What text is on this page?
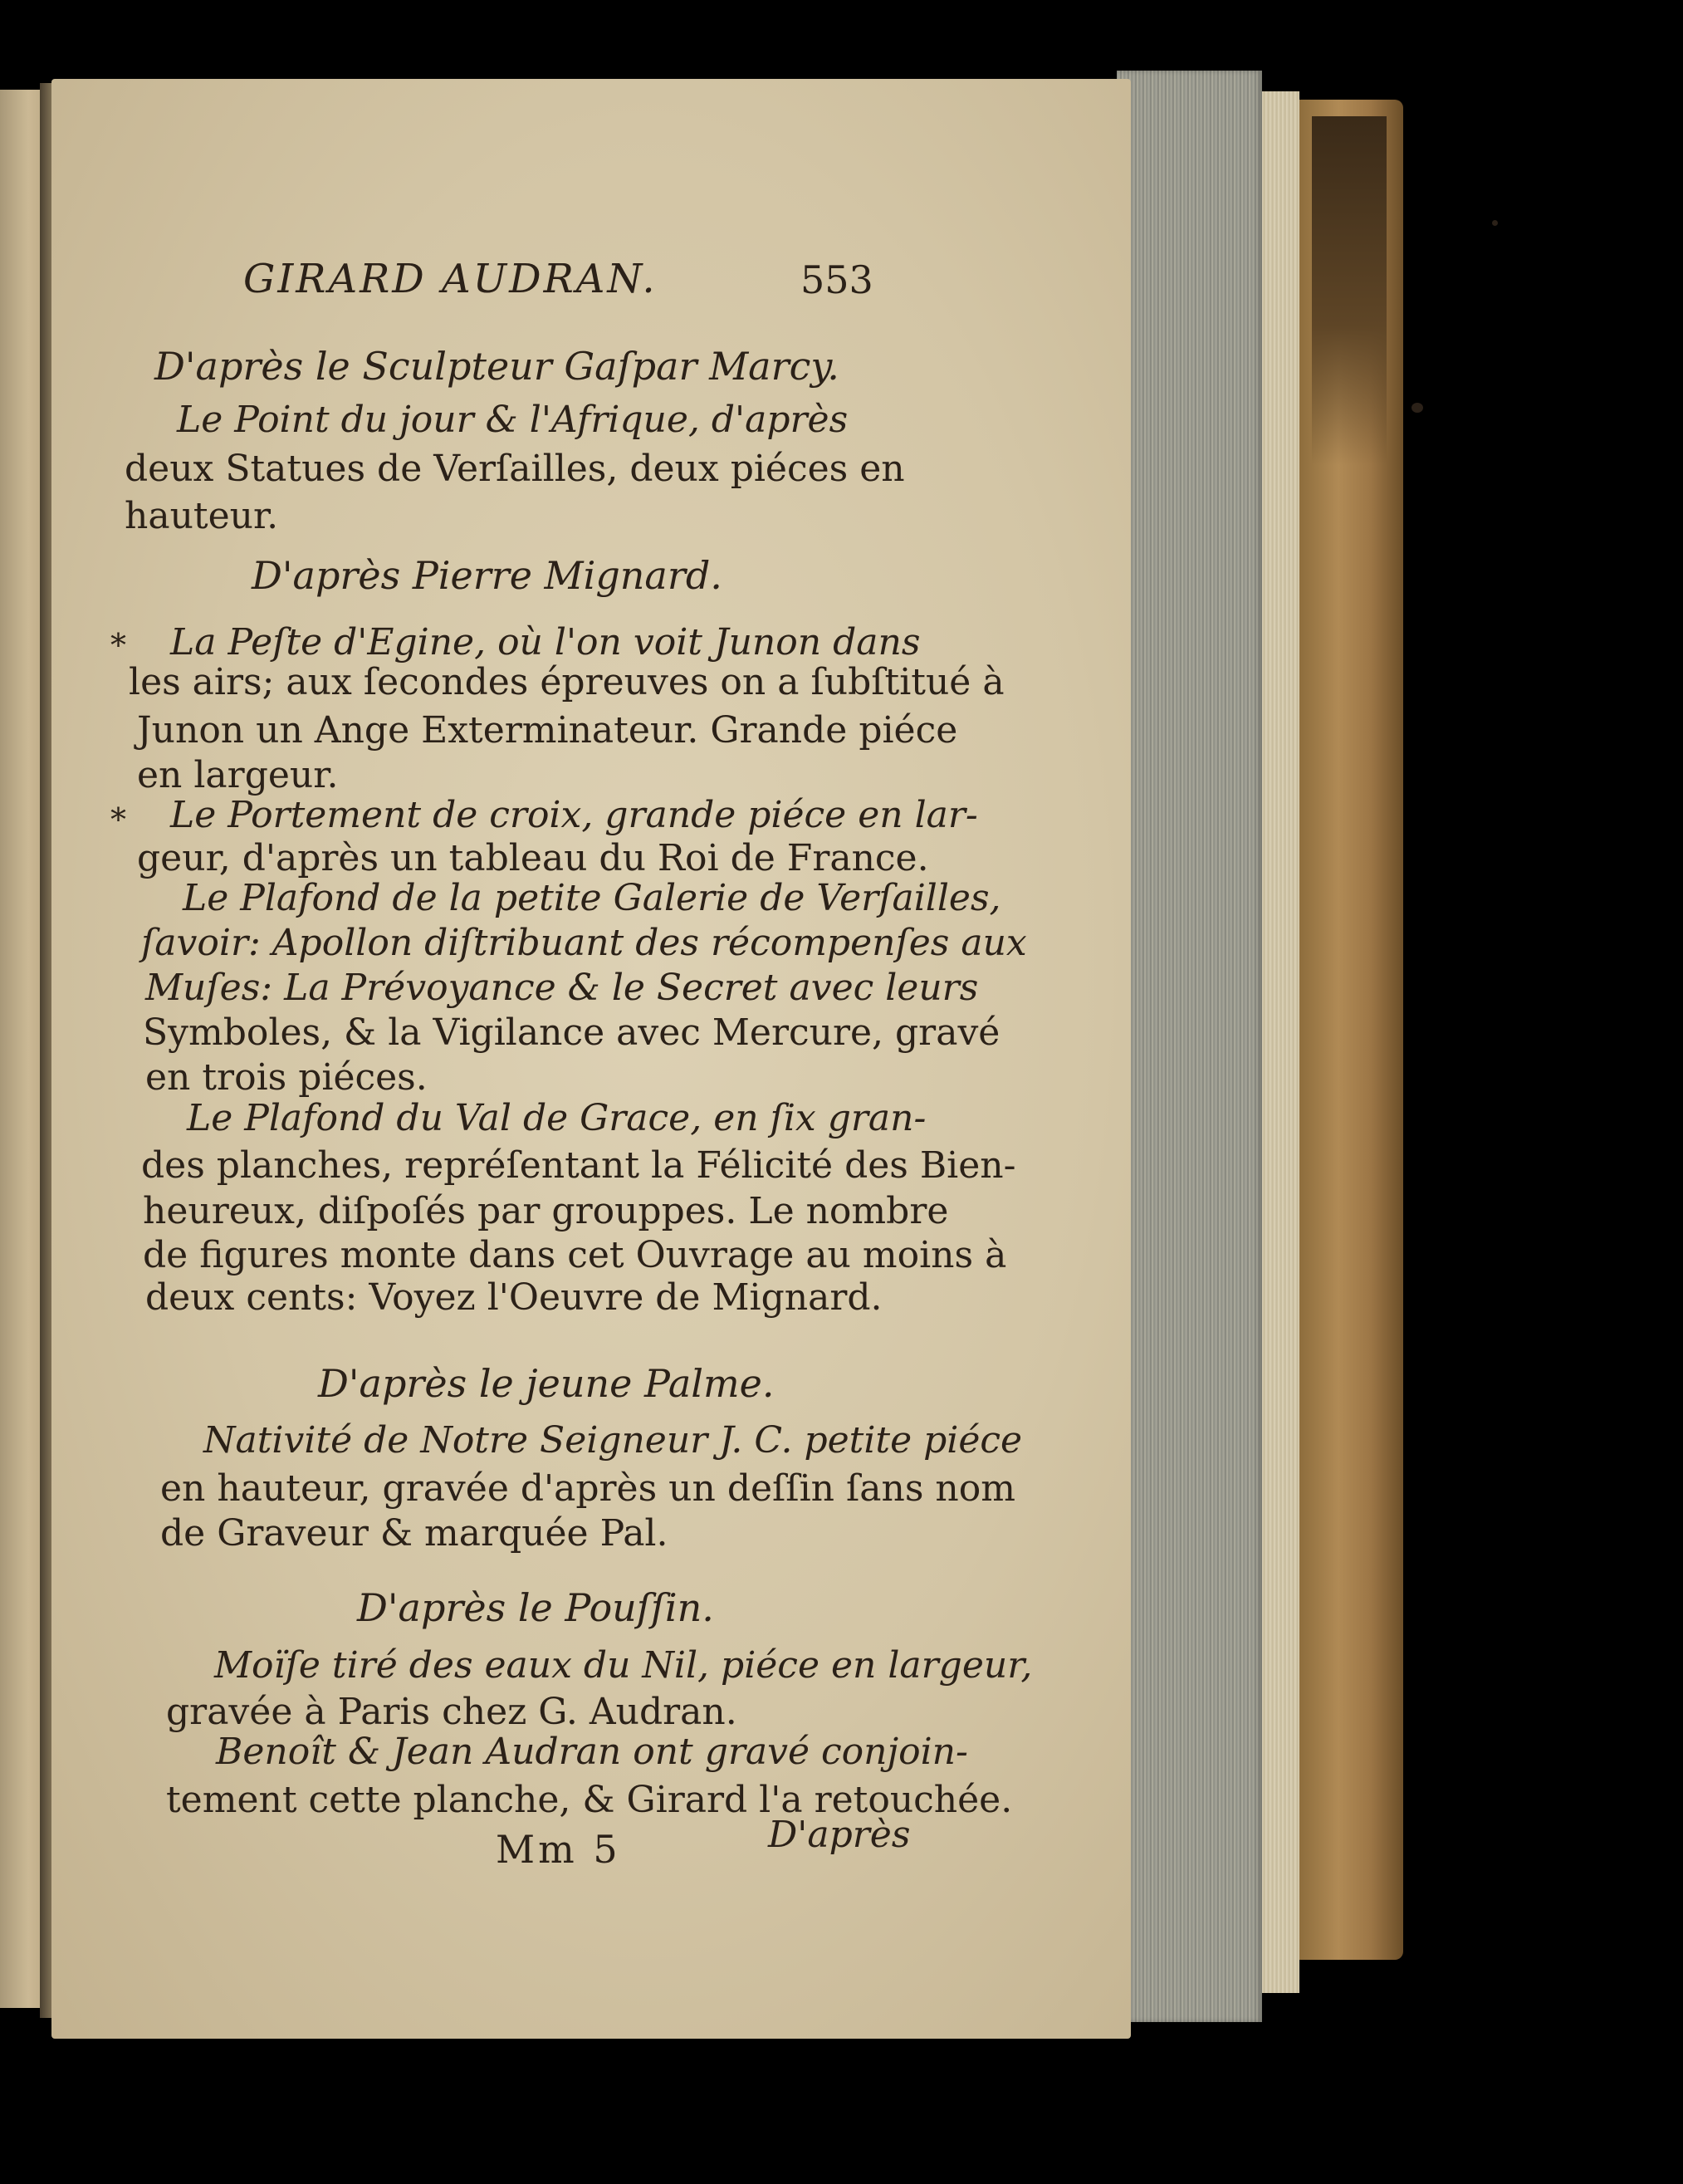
GIRARD AUDRAN.	553
D'après le Sculpteur Gaſpar Marcy.
Le Point du jour & l'Afrique, d'après
deux Statues de Verſailles, deux piéces en
hauteur.
D'après Pierre Mignard.
* La Peſte d'Egine, où l'on voit Junon dans
les airs; aux ſecondes épreuves on a ſubſtitué à
Junon un Ange Exterminateur. Grande piéce
en largeur.
* Le Portement de croix, grande piéce en lar-
geur, d'après un tableau du Roi de France.
Le Plafond de la petite Galerie de Verſailles,
ſavoir: Apollon diſtribuant des récompenſes aux
Muſes: La Prévoyance & le Secret avec leurs
Symboles, & la Vigilance avec Mercure, gravé
en trois piéces.
Le Plafond du Val de Grace, en ſix gran-
des planches, repréſentant la Félicité des Bien-
heureux, diſpoſés par grouppes. Le nombre
de figures monte dans cet Ouvrage au moins à
deux cents: Voyez l'Oeuvre de Mignard.
D'après le jeune Palme.
Nativité de Notre Seigneur J. C. petite piéce
en hauteur, gravée d'après un deſſin ſans nom
de Graveur & marquée Pal.
D'après le Pouſſin.
Moïſe tiré des eaux du Nil, piéce en largeur,
gravée à Paris chez G. Audran.
Benoît & Jean Audran ont gravé conjoin-
tement cette planche, & Girard l'a retouchée.
Mm 5	D'après
